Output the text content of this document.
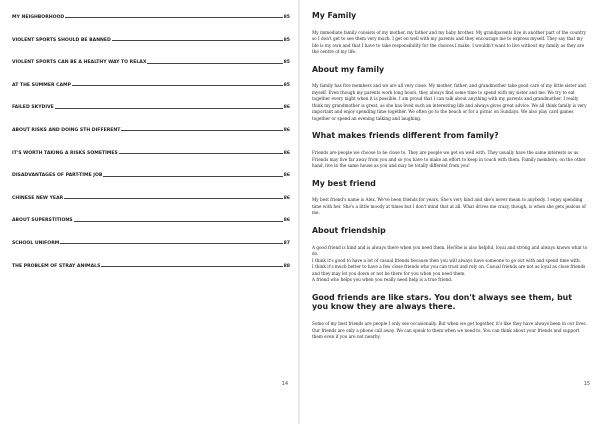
MY NEIGHBORHOOD	85
VIOLENT SPORTS SHOULD BE BANNED	85
VIOLENT SPORTS CAN BE A HEALTHY WAY TO RELAX	85
AT THE SUMMER CAMP	85
FAILED SKYDIVE	86
ABOUT RISKS AND DOING STH DIFFERENT	86
IT'S WORTH TAKING A RISKS SOMETIMES	86
DISADVANTAGES OF PART-TIME JOB	86
CHINESE NEW YEAR	86
ABOUT SUPERSTITIONS	86
SCHOOL UNIFORM	87
THE PROBLEM OF STRAY ANIMALS	88
14
My Family

My immediate family consists of my mother, my father and my baby brother. My grandparents live in another part of the country so I don't get to see them very much. I get on well with my parents and they encourage me to express myself. They say that my life is my own and that I have to take responsibility for the choices I make. I wouldn't want to live without my family as they are the centre of my life.

About my family

My family has five members and we are all very close. My mother, father, and grandmother take good care of my little sister and myself. Even though my parents work long hours, they always find some time to spend with my sister and me. We try to eat together every night when it is possible. I am proud that I can talk about anything with my parents and grandmother. I really think my grandmother is great, as she has lived such an interesting life and always gives great advice. We all think family is very important and enjoy spending time together. We often go to the beach or for a picnic on Sundays. We also play card games together or spend an evening talking and laughing.

What makes friends different from family?

Friends are people we choose to be close to. They are people we get on well with. They usually have the same interests as us. Friends may live far away from you and so you have to make an effort to keep in touch with them. Family members, on the other hand, live in the same house as you and may be totally different from you!

My best friend

My best friend's name is Alex. We've been friends for years. She's very kind and she's never mean to anybody. I enjoy spending time with her. She's a little moody at times but I don't mind that at all. What drives me crazy, though, is when she gets jealous of me.

About friendship

A good friend is kind and is always there when you need them. He/She is also helpful, loyal and strong and always knows what to do.

I think it's good to have a lot of casual friends because then you will always have someone to go out with and spend time with.

I think it's much better to have a few close friends who you can trust and rely on. Casual friends are not as loyal as close friends and they may let you down or not be there for you when you need them.

A friend who helps you when you really need help is a true friend.

Good friends are like stars. You don't always see them, but you know they are always there.

Some of my best friends are people I only see occasionally. But when we get together, it's like they have always been in our lives. Our friends are only a phone call away. We can speak to them when we need to. You can think about your friends and support them even if you are not nearby.

15
